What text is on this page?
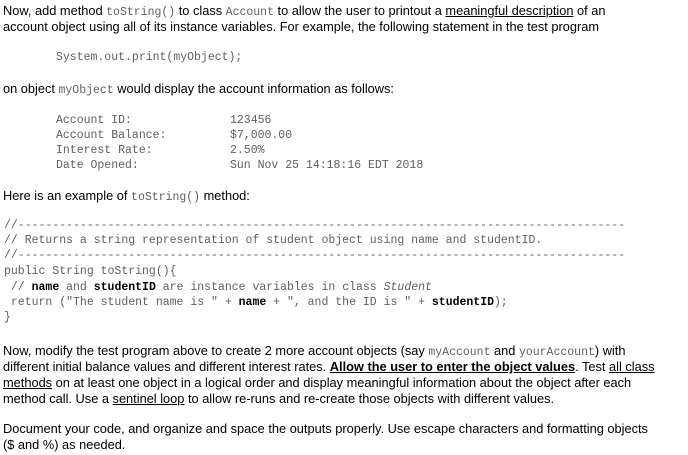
Now, add method toString() to class Account to allow the user to printout a meaningful description of an
account object using all of its instance variables. For example, the following statement in the test program
System.out.print(myObject);
on object myObject would display the account information as follows:
Account ID:	123456
Account Balance:	$7,000.00
Interest Rate:	2.50%
Date Opened:	Sun Nov 25 14:18:16 EDT 2018
Here is an example of toString() method:
//----------------------------------------------------------------------------------------
// Returns a string representation of student object using name and studentID.
//----------------------------------------------------------------------------------------
public String toString(){
// name and studentID are instance variables in class Student
return ("The student name is " + name + ", and the ID is " + studentID);
}
Now, modify the test program above to create 2 more account objects (say myAccount and yourAccount) with
different initial balance values and different interest rates. Allow the user to enter the object values. Test all class
methods on at least one object in a logical order and display meaningful information about the object after each
method call. Use a sentinel loop to allow re-runs and re-create those objects with different values.
Document your code, and organize and space the outputs properly. Use escape characters and formatting objects
($ and %) as needed.
